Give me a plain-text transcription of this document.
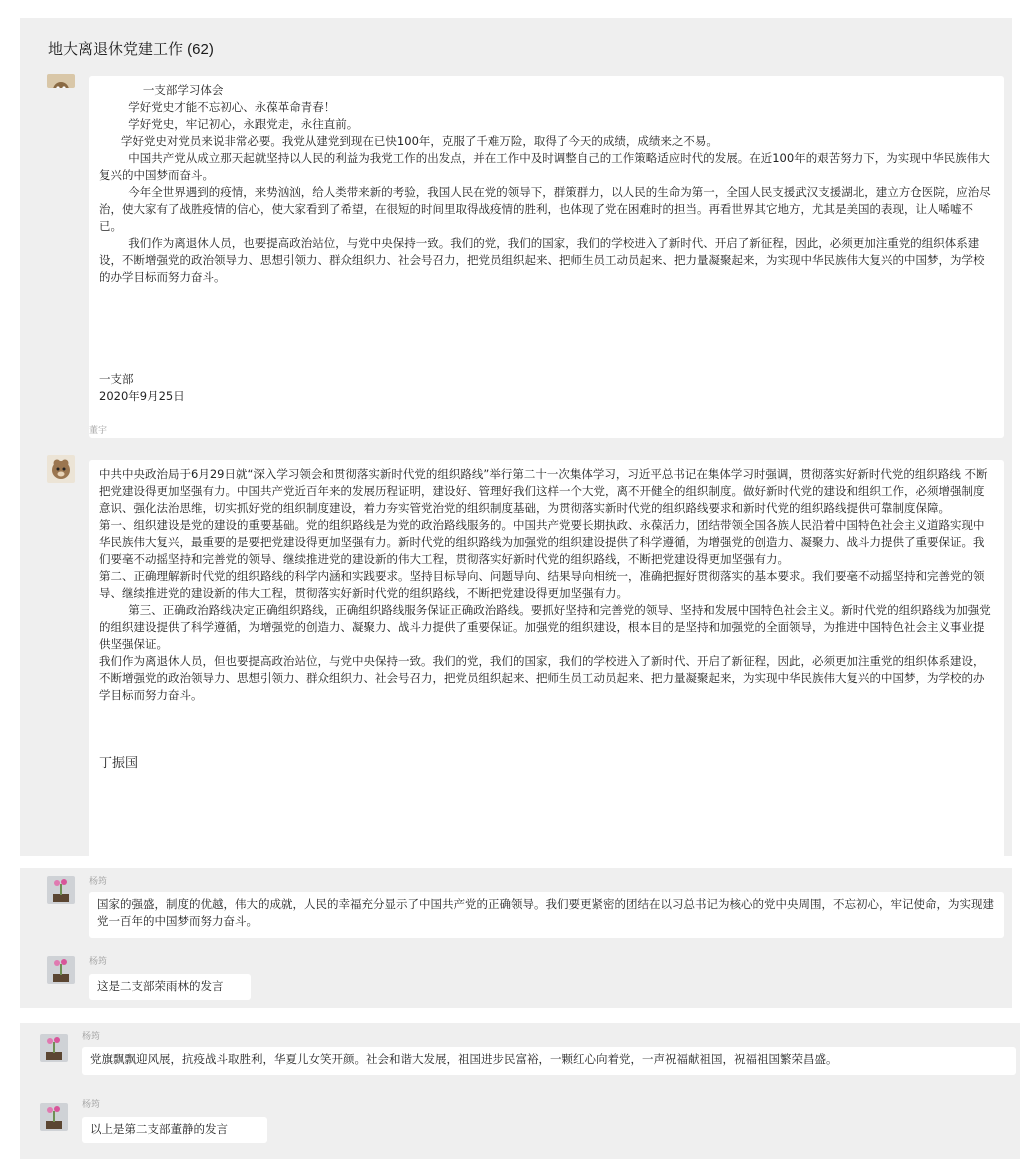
地大离退休党建工作 (62)

一支部学习体会

学好党史才能不忘初心、永葆革命青春！

学好党史，牢记初心，永跟党走，永往直前。

学好党史对党员来说非常必要。我党从建党到现在已快100年，克服了千难万险，取得了今天的成绩，成绩来之不易。

中国共产党从成立那天起就坚持以人民的利益为我党工作的出发点，并在工作中及时调整自己的工作策略适应时代的发展。在近100年的艰苦努力下，为实现中华民族伟大复兴的中国梦而奋斗。

今年全世界遇到的疫情，来势汹汹，给人类带来新的考验，我国人民在党的领导下，群策群力，以人民的生命为第一，全国人民支援武汉支援湖北，建立方仓医院，应治尽治，使大家有了战胜疫情的信心，使大家看到了希望，在很短的时间里取得战疫情的胜利，也体现了党在困难时的担当。再看世界其它地方，尤其是美国的表现，让人唏嘘不已。

我们作为离退休人员，也要提高政治站位，与党中央保持一致。我们的党，我们的国家，我们的学校进入了新时代、开启了新征程，因此，必须更加注重党的组织体系建设，不断增强党的政治领导力、思想引领力、群众组织力、社会号召力，把党员组织起来、把师生员工动员起来、把力量凝聚起来，为实现中华民族伟大复兴的中国梦，为学校的办学目标而努力奋斗。

一支部

2020年9月25日

董宇

中共中央政治局于6月29日就“深入学习领会和贯彻落实新时代党的组织路线”举行第二十一次集体学习，习近平总书记在集体学习时强调，贯彻落实好新时代党的组织路线 不断把党建设得更加坚强有力。中国共产党近百年来的发展历程证明，建设好、管理好我们这样一个大党，离不开健全的组织制度。做好新时代党的建设和组织工作，必须增强制度意识、强化法治思维，切实抓好党的组织制度建设，着力夯实管党治党的组织制度基础，为贯彻落实新时代党的组织路线要求和新时代党的组织路线提供可靠制度保障。

第一、组织建设是党的建设的重要基础。党的组织路线是为党的政治路线服务的。中国共产党要长期执政、永葆活力，团结带领全国各族人民沿着中国特色社会主义道路实现中华民族伟大复兴，最重要的是要把党建设得更加坚强有力。新时代党的组织路线为加强党的组织建设提供了科学遵循，为增强党的创造力、凝聚力、战斗力提供了重要保证。我们要毫不动摇坚持和完善党的领导、继续推进党的建设新的伟大工程，贯彻落实好新时代党的组织路线，不断把党建设得更加坚强有力。

第二、正确理解新时代党的组织路线的科学内涵和实践要求。坚持目标导向、问题导向、结果导向相统一，准确把握好贯彻落实的基本要求。我们要毫不动摇坚持和完善党的领导、继续推进党的建设新的伟大工程，贯彻落实好新时代党的组织路线，不断把党建设得更加坚强有力。

第三、正确政治路线决定正确组织路线，正确组织路线服务保证正确政治路线。要抓好坚持和完善党的领导、坚持和发展中国特色社会主义。新时代党的组织路线为加强党的组织建设提供了科学遵循，为增强党的创造力、凝聚力、战斗力提供了重要保证。加强党的组织建设，根本目的是坚持和加强党的全面领导，为推进中国特色社会主义事业提供坚强保证。

我们作为离退休人员，但也要提高政治站位，与党中央保持一致。我们的党，我们的国家，我们的学校进入了新时代、开启了新征程，因此，必须更加注重党的组织体系建设，不断增强党的政治领导力、思想引领力、群众组织力、社会号召力，把党员组织起来、把师生员工动员起来、把力量凝聚起来，为实现中华民族伟大复兴的中国梦，为学校的办学目标而努力奋斗。

丁振国

杨筠

国家的强盛，制度的优越，伟大的成就，人民的幸福充分显示了中国共产党的正确领导。我们要更紧密的团结在以习总书记为核心的党中央周围，不忘初心，牢记使命，为实现建党一百年的中国梦而努力奋斗。

杨筠

这是二支部荣雨林的发言

杨筠

党旗飘飘迎风展，抗疫战斗取胜利，华夏儿女笑开颜。社会和谐大发展，祖国进步民富裕，一颗红心向着党，一声祝福献祖国，祝福祖国繁荣昌盛。

杨筠

以上是第二支部董静的发言
